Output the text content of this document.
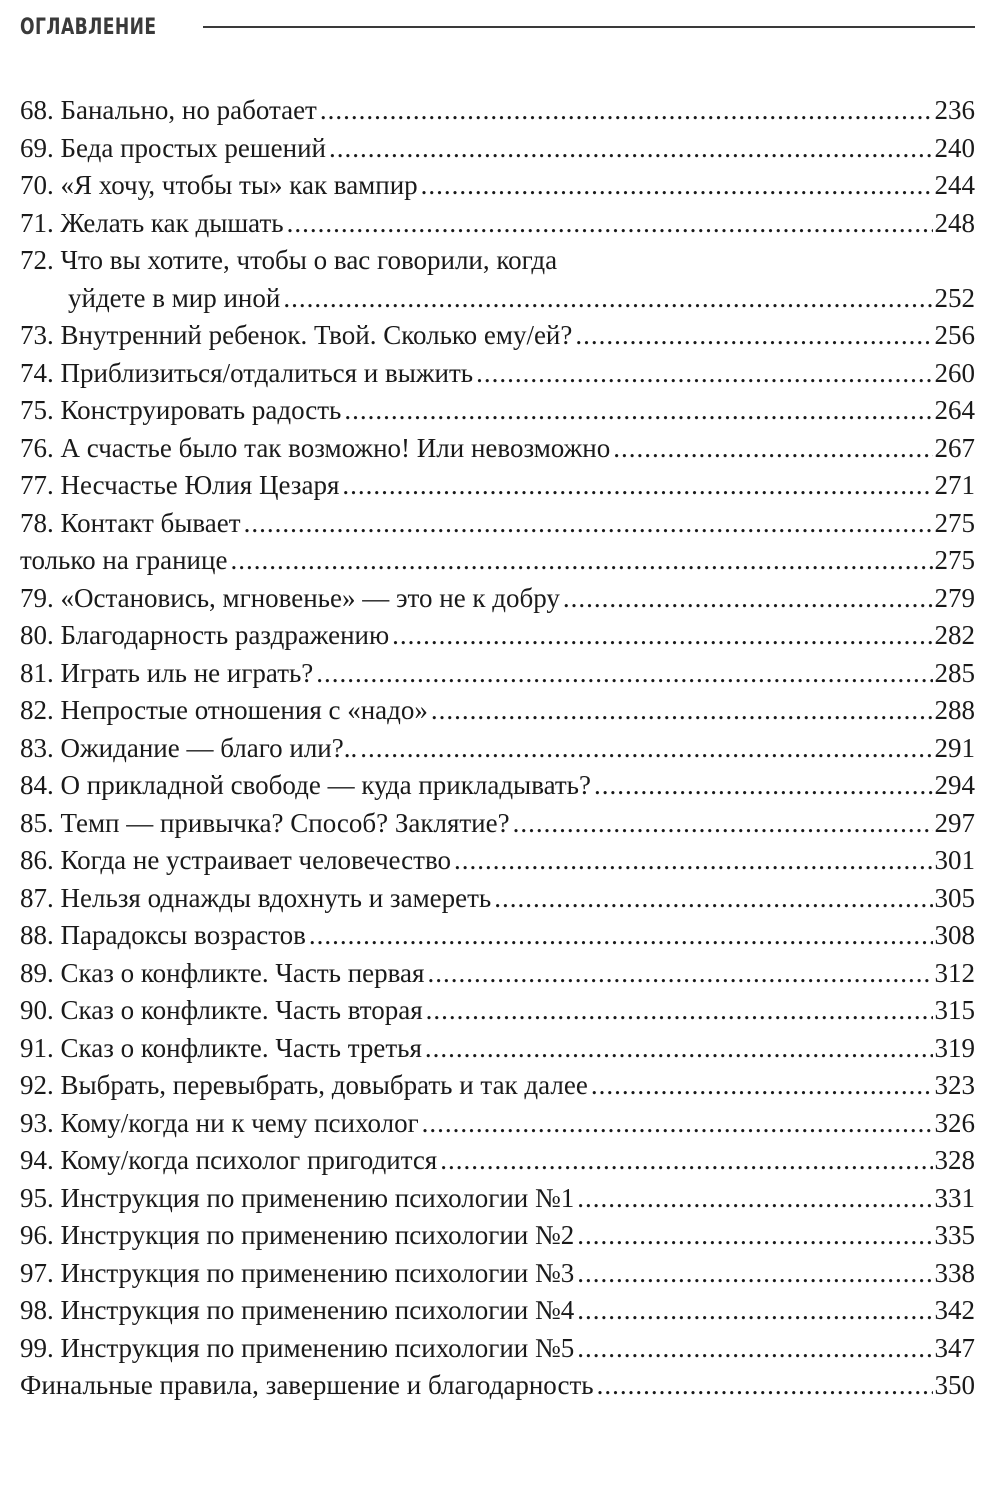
ОГЛАВЛЕНИЕ
68. Банально, но работает .....	236
69. Беда простых решений .....	240
70. «Я хочу, чтобы ты» как вампир .....	244
71. Желать как дышать .....	248
72. Что вы хотите, чтобы о вас говорили, когда
уйдете в мир иной .....	252
73. Внутренний ребенок. Твой. Сколько ему/ей? .....	256
74. Приблизиться/отдалиться и выжить .....	260
75. Конструировать радость .....	264
76. А счастье было так возможно! Или невозможно .....	267
77. Несчастье Юлия Цезаря .....	271
78. Контакт бывает .....	275
только на границе .....	275
79. «Остановись, мгновенье» — это не к добру .....	279
80. Благодарность раздражению .....	282
81. Играть иль не играть? .....	285
82. Непростые отношения с «надо» .....	288
83. Ожидание — благо или?.. .....	291
84. О прикладной свободе — куда прикладывать? .....	294
85. Темп — привычка? Способ? Заклятие? .....	297
86. Когда не устраивает человечество .....	301
87. Нельзя однажды вдохнуть и замереть .....	305
88. Парадоксы возрастов .....	308
89. Сказ о конфликте. Часть первая .....	312
90. Сказ о конфликте. Часть вторая .....	315
91. Сказ о конфликте. Часть третья .....	319
92. Выбрать, перевыбрать, довыбрать и так далее .....	323
93. Кому/когда ни к чему психолог .....	326
94. Кому/когда психолог пригодится .....	328
95. Инструкция по применению психологии №1 .....	331
96. Инструкция по применению психологии №2 .....	335
97. Инструкция по применению психологии №3 .....	338
98. Инструкция по применению психологии №4 .....	342
99. Инструкция по применению психологии №5 .....	347
Финальные правила, завершение и благодарность .....	350
